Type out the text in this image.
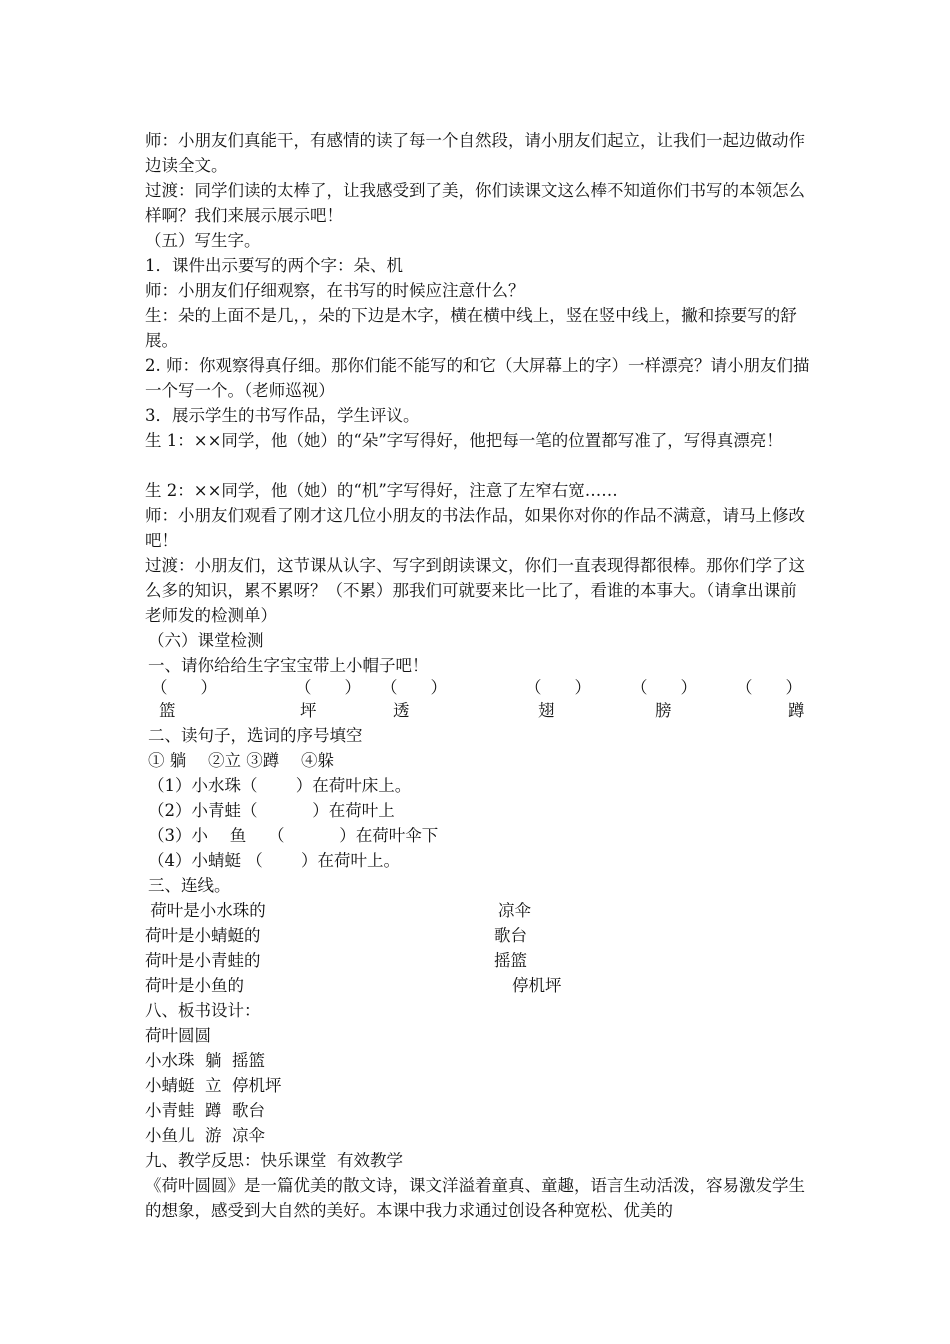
师：小朋友们真能干，有感情的读了每一个自然段，请小朋友们起立，让我们一起边做动作边读全文。
过渡：同学们读的太棒了，让我感受到了美，你们读课文这么棒不知道你们书写的本领怎么样啊？我们来展示展示吧！
（五）写生字。
1．课件出示要写的两个字：朵、机
师：小朋友们仔细观察，在书写的时候应注意什么？
生：朵的上面不是几，，朵的下边是木字，横在横中线上，竖在竖中线上，撇和捺要写的舒展。
2. 师：你观察得真仔细。那你们能不能写的和它（大屏幕上的字）一样漂亮？请小朋友们描一个写一个。（老师巡视）
3．展示学生的书写作品，学生评议。
生 1：××同学，他（她）的“朵”字写得好，他把每一笔的位置都写准了，写得真漂亮！
生 2：××同学，他（她）的“机”字写得好，注意了左窄右宽……
师：小朋友们观看了刚才这几位小朋友的书法作品，如果你对你的作品不满意，请马上修改吧！
过渡：小朋友们，这节课从认字、写字到朗读课文，你们一直表现得都很棒。那你们学了这么多的知识，累不累呀？（不累）那我们可就要来比一比了，看谁的本事大。（请拿出课前老师发的检测单）
（六）课堂检测
一、请你给给生字宝宝带上小帽子吧！
（　　）	（　　） （　　）	（　　） （　　） （　　）
篮	坪	透	翅	膀	蹲
二、读句子，选词的序号填空
① 躺　 ②立 ③蹲　 ④躲
（1）小水珠（　　 ）在荷叶床上。
（2）小青蛙（　　　 ）在荷叶上
（3）小　 鱼　 （　　　 ）在荷叶伞下
（4）小蜻蜓 （　　 ）在荷叶上。
三、连线。
荷叶是小水珠的	凉伞
荷叶是小蜻蜓的	歌台
荷叶是小青蛙的	摇篮
荷叶是小鱼的	停机坪
八、板书设计：
荷叶圆圆
小水珠  躺  摇篮
小蜻蜓  立  停机坪
小青蛙  蹲  歌台
小鱼儿  游  凉伞
九、教学反思：快乐课堂  有效教学
《荷叶圆圆》是一篇优美的散文诗，课文洋溢着童真、童趣，语言生动活泼，容易激发学生的想象，感受到大自然的美好。本课中我力求通过创设各种宽松、优美的
